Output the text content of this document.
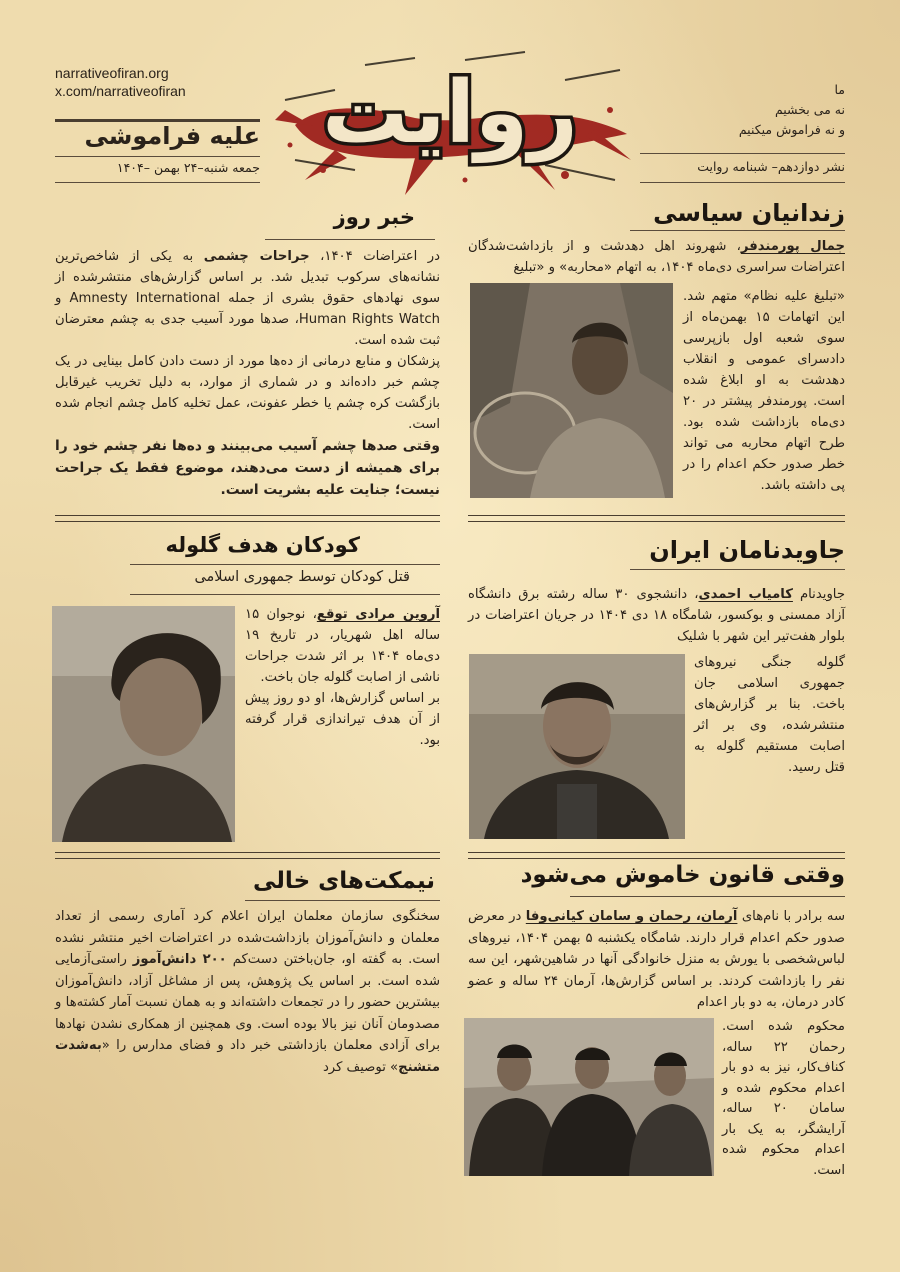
narrativeofiran.org
x.com/narrativeofiran
علیه فراموشی
جمعه شنبه–۲۴ بهمن –۱۴۰۴
روایت	ما
نه می بخشیم
و نه فراموش میکنیم
نشر دوازدهم– شبنامه روایت
خبر روز

در اعتراضات ۱۴۰۴، جراحات چشمی به یکی از شاخص‌ترین نشانه‌های سرکوب تبدیل شد. بر اساس گزارش‌های منتشرشده از سوی نهادهای حقوق بشری از جمله Amnesty International و Human Rights Watch، صدها مورد آسیب جدی به چشم معترضان ثبت شده است.

پزشکان و منابع درمانی از ده‌ها مورد از دست دادن کامل بینایی در یک چشم خبر داده‌اند و در شماری از موارد، به دلیل تخریب غیرقابل بازگشت کره چشم یا خطر عفونت، عمل تخلیه کامل چشم انجام شده است.

وقتی صدها چشم آسیب می‌بینند و ده‌ها نفر چشم خود را برای همیشه از دست می‌دهند، موضوع فقط یک جراحت نیست؛ جنایت علیه بشریت است.

زندانیان سیاسی
جمال پورمندفر، شهروند اهل دهدشت و از بازداشت‌شدگان اعتراضات سراسری دی‌ماه ۱۴۰۴، به اتهام «محاربه» و «تبلیغ
«تبلیغ علیه نظام» متهم شد. این اتهامات ۱۵ بهمن‌ماه از سوی شعبه اول بازپرسی دادسرای عمومی و انقلاب دهدشت به او ابلاغ شده است. پورمندفر پیشتر در ۲۰ دی‌ماه بازداشت شده بود. طرح اتهام محاربه می تواند خطر صدور حکم اعدام را در پی داشته باشد.
کودکان هدف گلوله
قتل کودکان توسط جمهوری اسلامی
آروین مرادی توقع، نوجوان ۱۵ ساله اهل شهریار، در تاریخ ۱۹ دی‌ماه ۱۴۰۴ بر اثر شدت جراحات ناشی از اصابت گلوله جان باخت.
بر اساس گزارش‌ها، او دو روز پیش از آن هدف تیراندازی قرار گرفته بود.
جاویدنامان ایران
جاویدنام کامیاب احمدی، دانشجوی ۳۰ ساله رشته برق دانشگاه آزاد ممسنی و بوکسور، شامگاه ۱۸ دی ۱۴۰۴ در جریان اعتراضات در بلوار هفت‌تیر این شهر با شلیک
گلوله جنگی نیروهای جمهوری اسلامی جان باخت. بنا بر گزارش‌های منتشرشده، وی بر اثر اصابت مستقیم گلوله به قتل رسید.
نیمکت‌های خالی
سخنگوی سازمان معلمان ایران اعلام کرد آماری رسمی از تعداد معلمان و دانش‌آموزان بازداشت‌شده در اعتراضات اخیر منتشر نشده است. به گفته او، جان‌باختن دست‌کم ۲۰۰ دانش‌آموز راستی‌آزمایی شده است. بر اساس یک پژوهش، پس از مشاغل آزاد، دانش‌آموزان بیشترین حضور را در تجمعات داشته‌اند و به همان نسبت آمار کشته‌ها و مصدومان آنان نیز بالا بوده است. وی همچنین از همکاری نشدن نهادها برای آزادی معلمان بازداشتی خبر داد و فضای مدارس را «به‌شدت متشنج» توصیف کرد
وقتی قانون خاموش می‌شود
سه برادر با نام‌های آرمان، رحمان و سامان کیانی‌وفا در معرض صدور حکم اعدام قرار دارند. شامگاه یکشنبه ۵ بهمن ۱۴۰۴، نیروهای لباس‌شخصی با یورش به منزل خانوادگی آنها در شاهین‌شهر، این سه نفر را بازداشت کردند. بر اساس گزارش‌ها، آرمان ۲۴ ساله و عضو کادر درمان، به دو بار اعدام
محکوم شده است. رحمان ۲۲ ساله، کناف‌کار، نیز به دو بار اعدام محکوم شده و سامان ۲۰ ساله، آرایشگر، به یک بار اعدام محکوم شده است.
